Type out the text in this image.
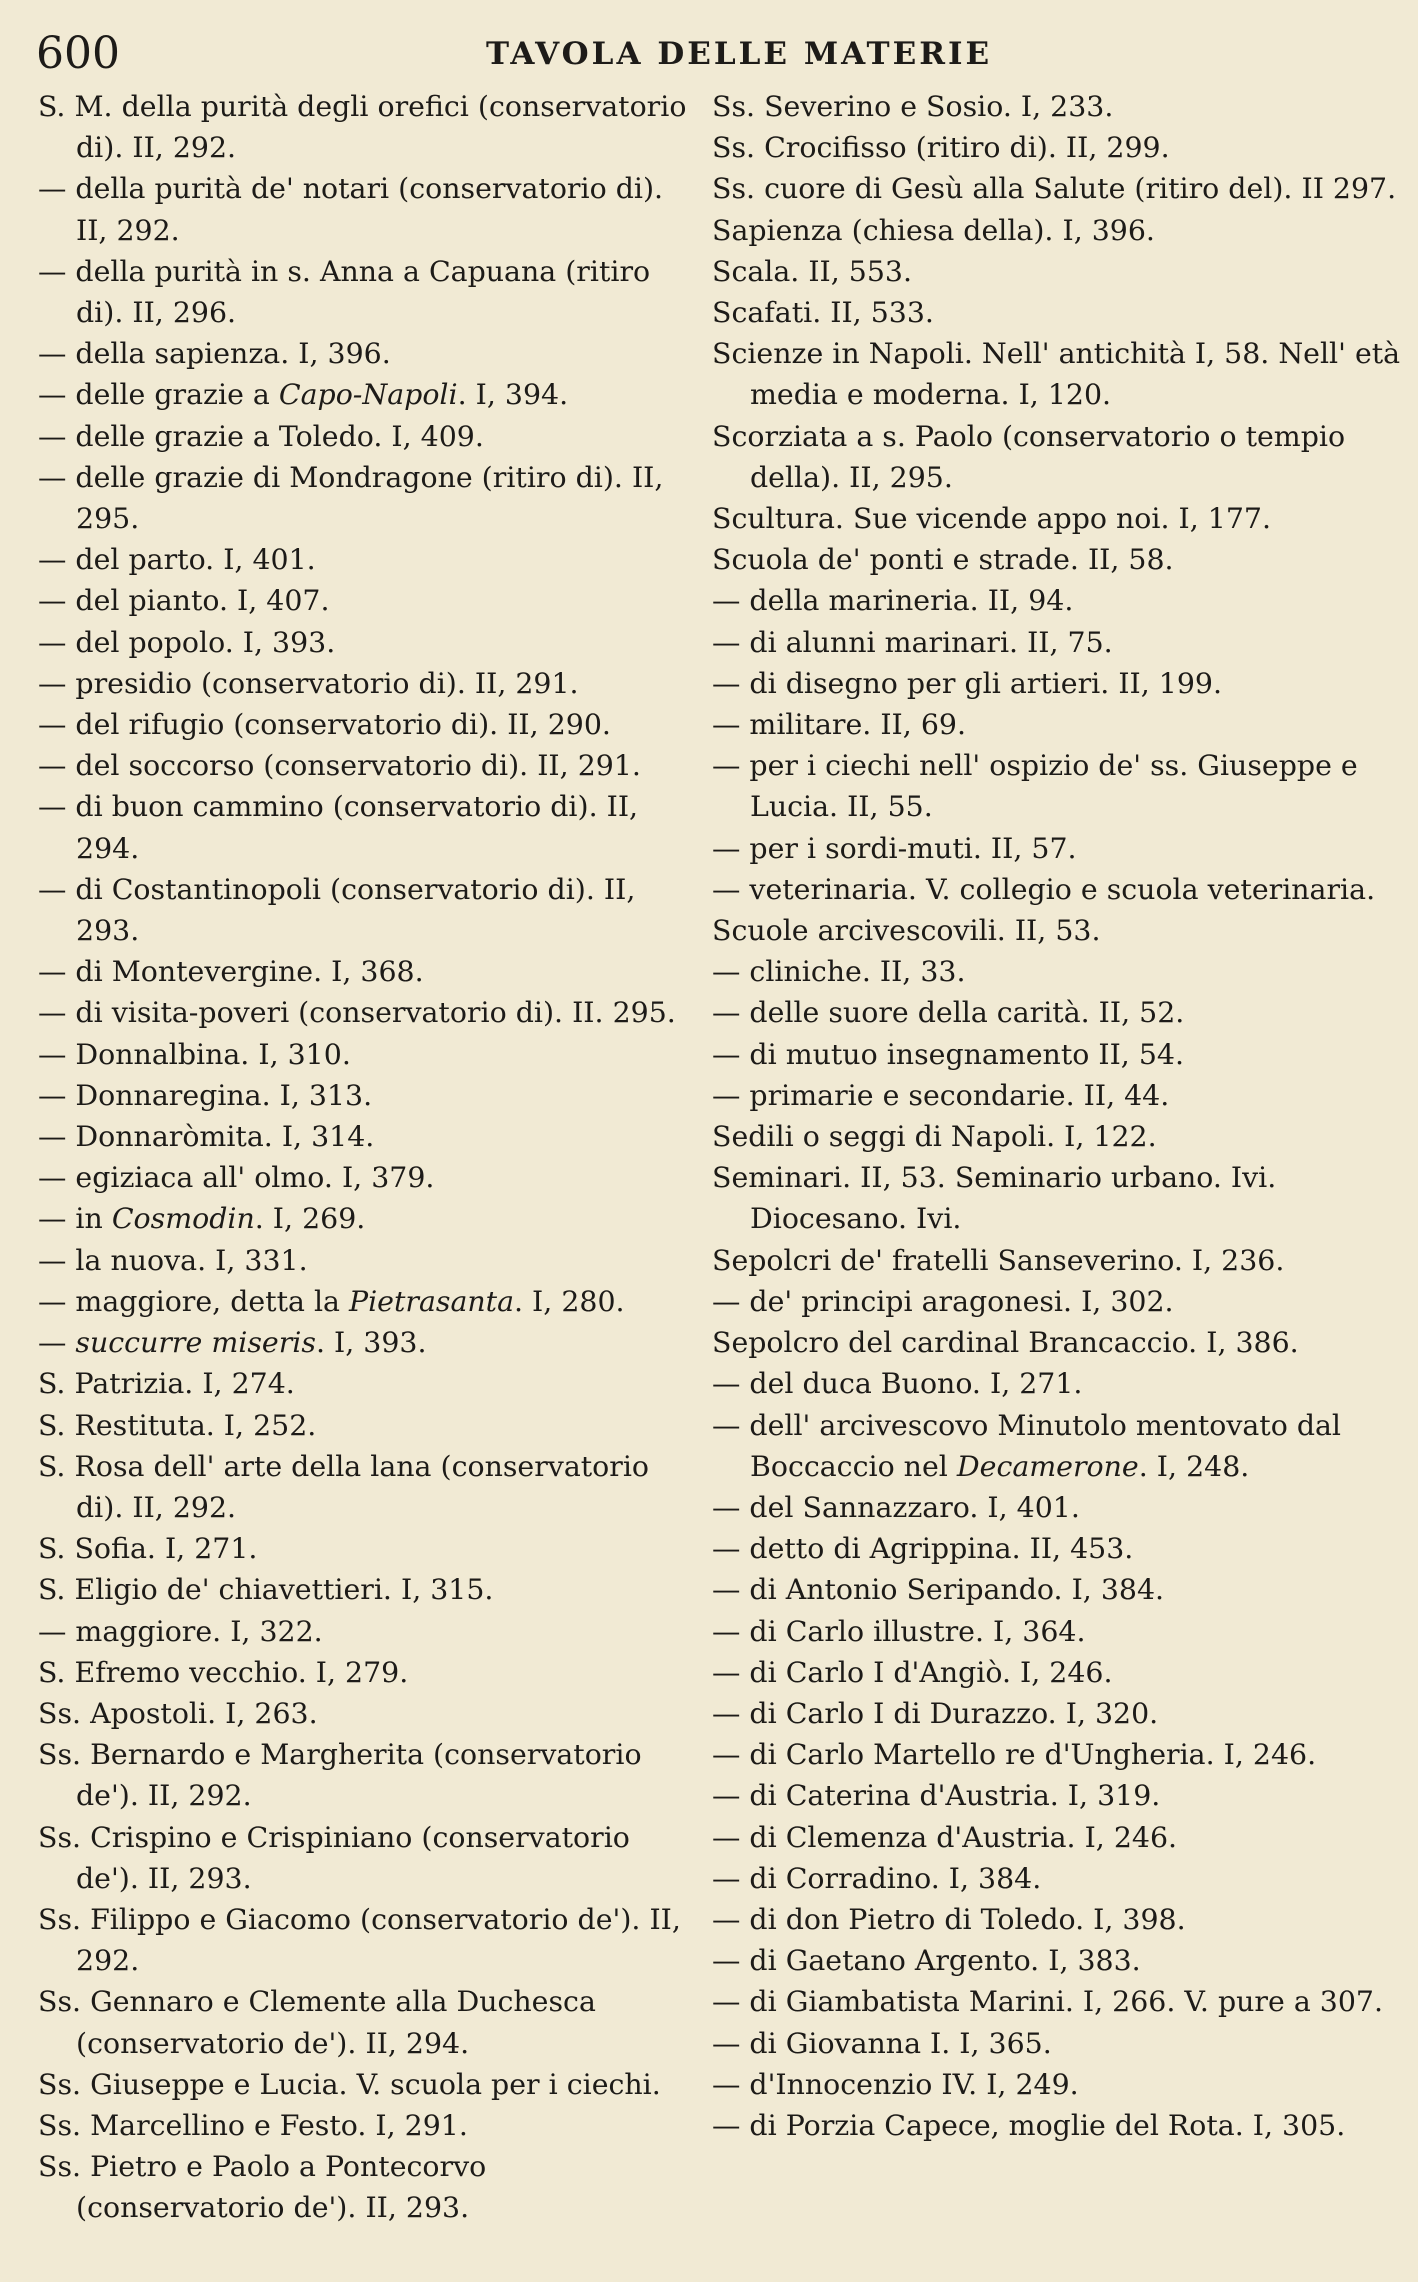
600	TAVOLA DELLE MATERIE
S. M. della purità degli orefici (conservatorio di). II, 292.
— della purità de' notari (conservatorio di). II, 292.
— della purità in s. Anna a Capuana (ritiro di). II, 296.
— della sapienza. I, 396.
— delle grazie a Capo-Napoli. I, 394.
— delle grazie a Toledo. I, 409.
— delle grazie di Mondragone (ritiro di). II, 295.
— del parto. I, 401.
— del pianto. I, 407.
— del popolo. I, 393.
— presidio (conservatorio di). II, 291.
— del rifugio (conservatorio di). II, 290.
— del soccorso (conservatorio di). II, 291.
— di buon cammino (conservatorio di). II, 294.
— di Costantinopoli (conservatorio di). II, 293.
— di Montevergine. I, 368.
— di visita-poveri (conservatorio di). II. 295.
— Donnalbina. I, 310.
— Donnaregina. I, 313.
— Donnaròmita. I, 314.
— egiziaca all' olmo. I, 379.
— in Cosmodin. I, 269.
— la nuova. I, 331.
— maggiore, detta la Pietrasanta. I, 280.
— succurre miseris. I, 393.
S. Patrizia. I, 274.
S. Restituta. I, 252.
S. Rosa dell' arte della lana (conservatorio di). II, 292.
S. Sofia. I, 271.
S. Eligio de' chiavettieri. I, 315.
— maggiore. I, 322.
S. Efremo vecchio. I, 279.
Ss. Apostoli. I, 263.
Ss. Bernardo e Margherita (conservatorio de'). II, 292.
Ss. Crispino e Crispiniano (conservatorio de'). II, 293.
Ss. Filippo e Giacomo (conservatorio de'). II, 292.
Ss. Gennaro e Clemente alla Duchesca (conservatorio de'). II, 294.
Ss. Giuseppe e Lucia. V. scuola per i ciechi.
Ss. Marcellino e Festo. I, 291.
Ss. Pietro e Paolo a Pontecorvo (conservatorio de'). II, 293.
Ss. Severino e Sosio. I, 233.
Ss. Crocifisso (ritiro di). II, 299.
Ss. cuore di Gesù alla Salute (ritiro del). II 297.
Sapienza (chiesa della). I, 396.
Scala. II, 553.
Scafati. II, 533.
Scienze in Napoli. Nell' antichità I, 58. Nell' età media e moderna. I, 120.
Scorziata a s. Paolo (conservatorio o tempio della). II, 295.
Scultura. Sue vicende appo noi. I, 177.
Scuola de' ponti e strade. II, 58.
— della marineria. II, 94.
— di alunni marinari. II, 75.
— di disegno per gli artieri. II, 199.
— militare. II, 69.
— per i ciechi nell' ospizio de' ss. Giuseppe e Lucia. II, 55.
— per i sordi-muti. II, 57.
— veterinaria. V. collegio e scuola veterinaria.
Scuole arcivescovili. II, 53.
— cliniche. II, 33.
— delle suore della carità. II, 52.
— di mutuo insegnamento II, 54.
— primarie e secondarie. II, 44.
Sedili o seggi di Napoli. I, 122.
Seminari. II, 53. Seminario urbano. Ivi. Diocesano. Ivi.
Sepolcri de' fratelli Sanseverino. I, 236.
— de' principi aragonesi. I, 302.
Sepolcro del cardinal Brancaccio. I, 386.
— del duca Buono. I, 271.
— dell' arcivescovo Minutolo mentovato dal Boccaccio nel Decamerone. I, 248.
— del Sannazzaro. I, 401.
— detto di Agrippina. II, 453.
— di Antonio Seripando. I, 384.
— di Carlo illustre. I, 364.
— di Carlo I d'Angiò. I, 246.
— di Carlo I di Durazzo. I, 320.
— di Carlo Martello re d'Ungheria. I, 246.
— di Caterina d'Austria. I, 319.
— di Clemenza d'Austria. I, 246.
— di Corradino. I, 384.
— di don Pietro di Toledo. I, 398.
— di Gaetano Argento. I, 383.
— di Giambatista Marini. I, 266. V. pure a 307.
— di Giovanna I. I, 365.
— d'Innocenzio IV. I, 249.
— di Porzia Capece, moglie del Rota. I, 305.
